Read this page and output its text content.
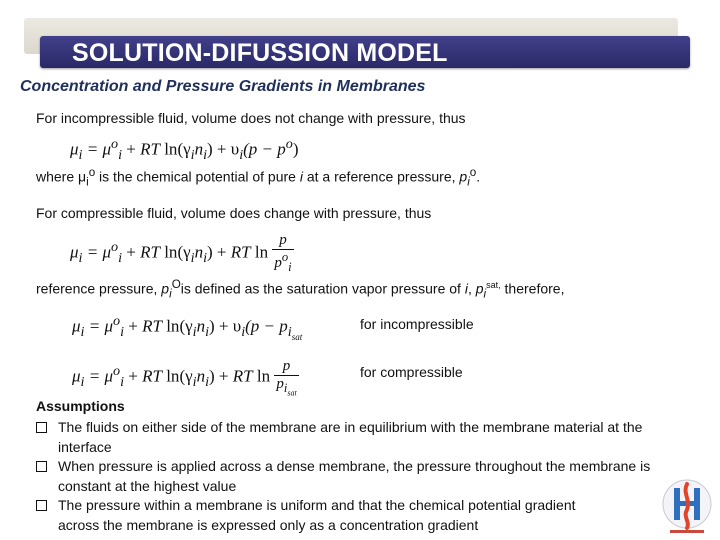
SOLUTION-DIFUSSION MODEL
Concentration and Pressure Gradients in Membranes
For incompressible fluid, volume does not change with pressure, thus
$\mu_i = \mu^o_i$ + RT $\ln(\gamma_in_i) + \upsilon_i(p - p^o)$
where $\mu_i^o$ is the chemical potential of pure i at a reference pressure, $p_i^o$.
For compressible fluid, volume does change with pressure, thus
$\mu_i = \mu^o_i$ + RT $\ln(\gamma_in_i)$ + RT $\ln \frac{p}{p^o_i}$
reference pressure, $p_i^Ois$ defined as the saturation vapor pressure of i, $p_i^{sat,}$ therefore,
$\mu_i = \mu^o_i$ + RT $\ln(\gamma_in_i) + \upsilon_i(p - p_{i_{sat}}$
for incompressible
$\mu_i = \mu^o_i$ + RT $\ln(\gamma_in_i)$ + RT $\ln \frac{p}{p_{i_{sat}}}$	for compressible
Assumptions
The fluids on either side of the membrane are in equilibrium with the membrane material at the interface
When pressure is applied across a dense membrane, the pressure throughout the membrane is constant at the highest value
The pressure within a membrane is uniform and that the chemical potential gradient across the membrane is expressed only as a concentration gradient
